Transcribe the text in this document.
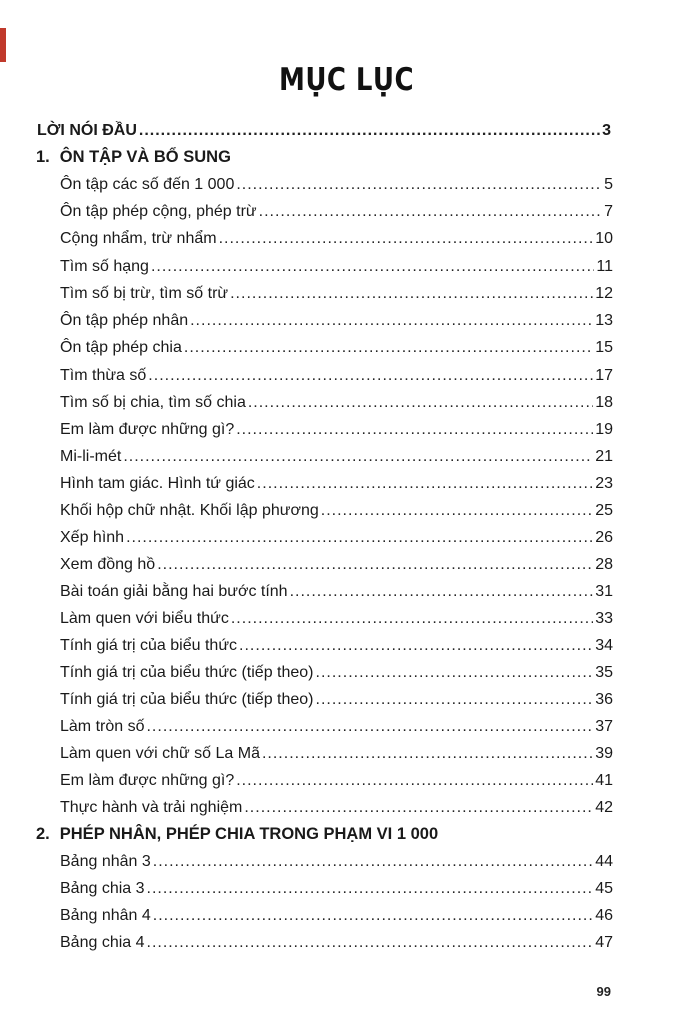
MỤC LỤC
LỜI NÓI ĐẦU .....	3
1. ÔN TẬP VÀ BỔ SUNG
Ôn tập các số đến 1 000 .....	5
Ôn tập phép cộng, phép trừ .....	7
Cộng nhẩm, trừ nhẩm .....	10
Tìm số hạng .....	11
Tìm số bị trừ, tìm số trừ .....	12
Ôn tập phép nhân .....	13
Ôn tập phép chia .....	15
Tìm thừa số .....	17
Tìm số bị chia, tìm số chia .....	18
Em làm được những gì? .....	19
Mi-li-mét .....	21
Hình tam giác. Hình tứ giác .....	23
Khối hộp chữ nhật. Khối lập phương .....	25
Xếp hình .....	26
Xem đồng hồ .....	28
Bài toán giải bằng hai bước tính .....	31
Làm quen với biểu thức .....	33
Tính giá trị của biểu thức .....	34
Tính giá trị của biểu thức (tiếp theo) .....	35
Tính giá trị của biểu thức (tiếp theo) .....	36
Làm tròn số .....	37
Làm quen với chữ số La Mã .....	39
Em làm được những gì? .....	41
Thực hành và trải nghiệm .....	42
2. PHÉP NHÂN, PHÉP CHIA TRONG PHẠM VI 1 000
Bảng nhân 3 .....	44
Bảng chia 3 .....	45
Bảng nhân 4 .....	46
Bảng chia 4 .....	47
99
